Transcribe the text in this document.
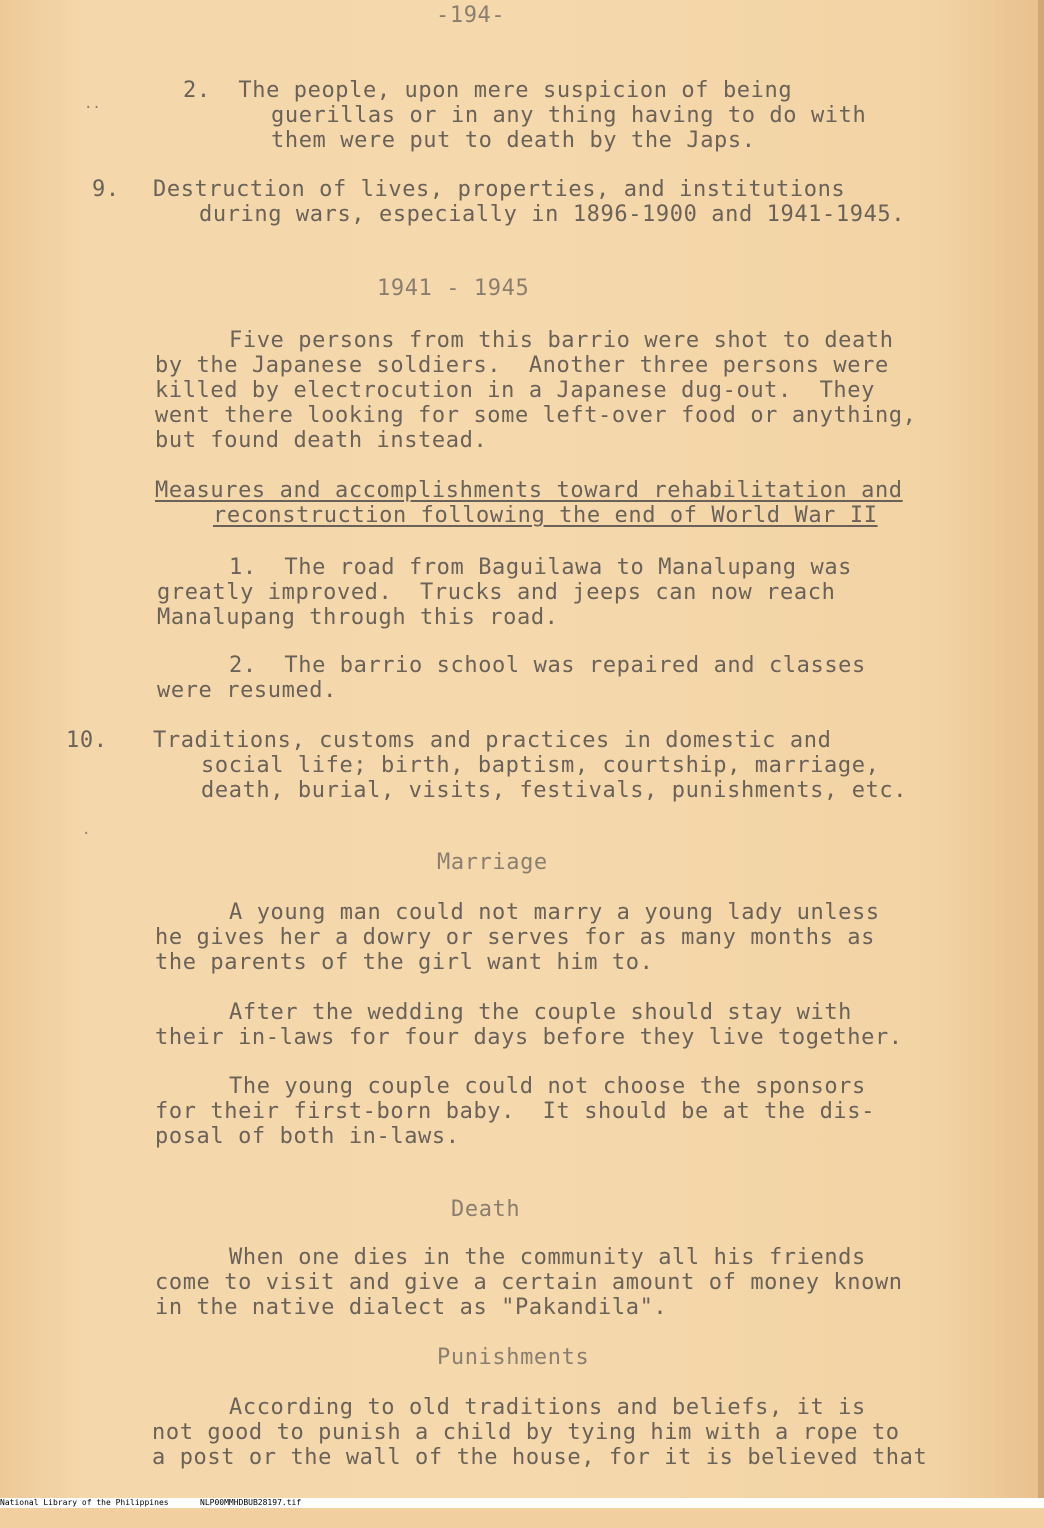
-194-
..
2.  The people, upon mere suspicion of being
guerillas or in any thing having to do with
them were put to death by the Japs.
9. Destruction of lives, properties, and institutions
during wars, especially in 1896-1900 and 1941-1945.
1941 - 1945
Five persons from this barrio were shot to death
by the Japanese soldiers.  Another three persons were
killed by electrocution in a Japanese dug-out.  They
went there looking for some left-over food or anything,
but found death instead.
Measures and accomplishments toward rehabilitation and
reconstruction following the end of World War II
1.  The road from Baguilawa to Manalupang was
greatly improved.  Trucks and jeeps can now reach
Manalupang through this road.
2.  The barrio school was repaired and classes
were resumed.
10. Traditions, customs and practices in domestic and
social life; birth, baptism, courtship, marriage,
death, burial, visits, festivals, punishments, etc.
.
Marriage
A young man could not marry a young lady unless
he gives her a dowry or serves for as many months as
the parents of the girl want him to.
After the wedding the couple should stay with
their in-laws for four days before they live together.
The young couple could not choose the sponsors
for their first-born baby.  It should be at the dis-
posal of both in-laws.
Death
When one dies in the community all his friends
come to visit and give a certain amount of money known
in the native dialect as "Pakandila".
Punishments
According to old traditions and beliefs, it is
not good to punish a child by tying him with a rope to
a post or the wall of the house, for it is believed that

National Library of the Philippines

	NLP00MMHDBUB28197.tif
